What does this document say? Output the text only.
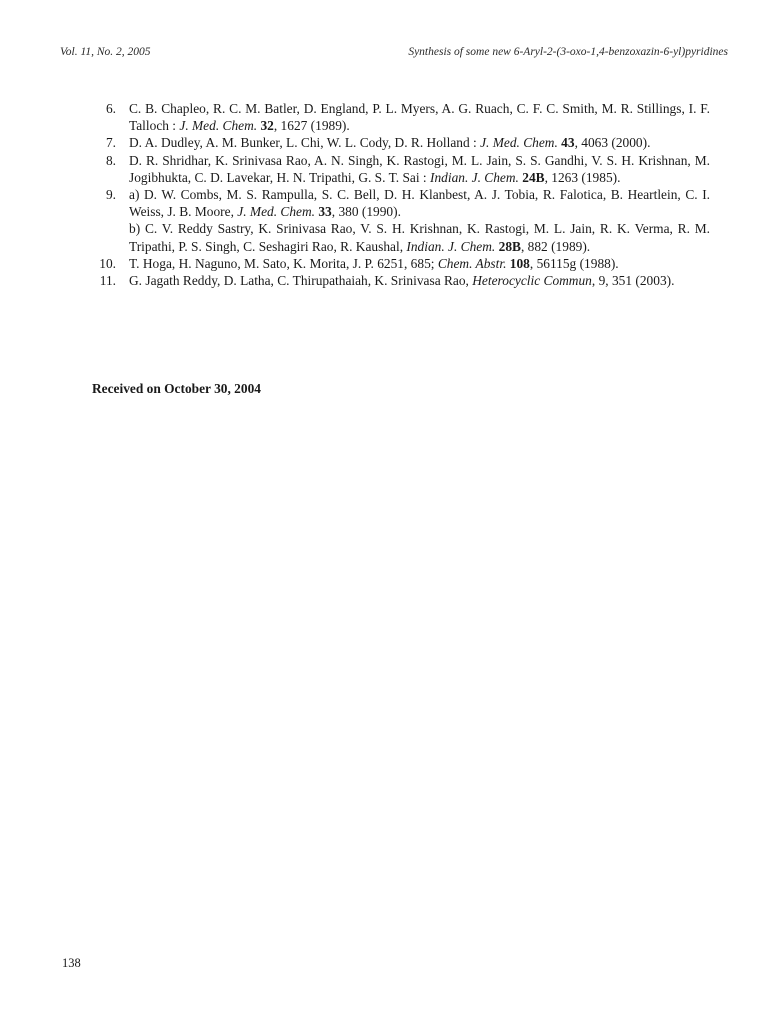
Vol. 11, No. 2, 2005	Synthesis of some new 6-Aryl-2-(3-oxo-1,4-benzoxazin-6-yl)pyridines
6. C. B. Chapleo, R. C. M. Batler, D. England, P. L. Myers, A. G. Ruach, C. F. C. Smith, M. R. Stillings, I. F. Talloch : J. Med. Chem. 32, 1627 (1989).

7. D. A. Dudley, A. M. Bunker, L. Chi, W. L. Cody, D. R. Holland : J. Med. Chem. 43, 4063 (2000).

8. D. R. Shridhar, K. Srinivasa Rao, A. N. Singh, K. Rastogi, M. L. Jain, S. S. Gandhi, V. S. H. Krishnan, M. Jogibhukta, C. D. Lavekar, H. N. Tripathi, G. S. T. Sai : Indian. J. Chem. 24B, 1263 (1985).

9. a) D. W. Combs, M. S. Rampulla, S. C. Bell, D. H. Klanbest, A. J. Tobia, R. Falotica, B. Heartlein, C. I. Weiss, J. B. Moore, J. Med. Chem. 33, 380 (1990).

b) C. V. Reddy Sastry, K. Srinivasa Rao, V. S. H. Krishnan, K. Rastogi, M. L. Jain, R. K. Verma, R. M. Tripathi, P. S. Singh, C. Seshagiri Rao, R. Kaushal, Indian. J. Chem. 28B, 882 (1989).

10. T. Hoga, H. Naguno, M. Sato, K. Morita, J. P. 6251, 685; Chem. Abstr. 108, 56115g (1988).

11. G. Jagath Reddy, D. Latha, C. Thirupathaiah, K. Srinivasa Rao, Heterocyclic Commun, 9, 351 (2003).

Received on October 30, 2004
138
